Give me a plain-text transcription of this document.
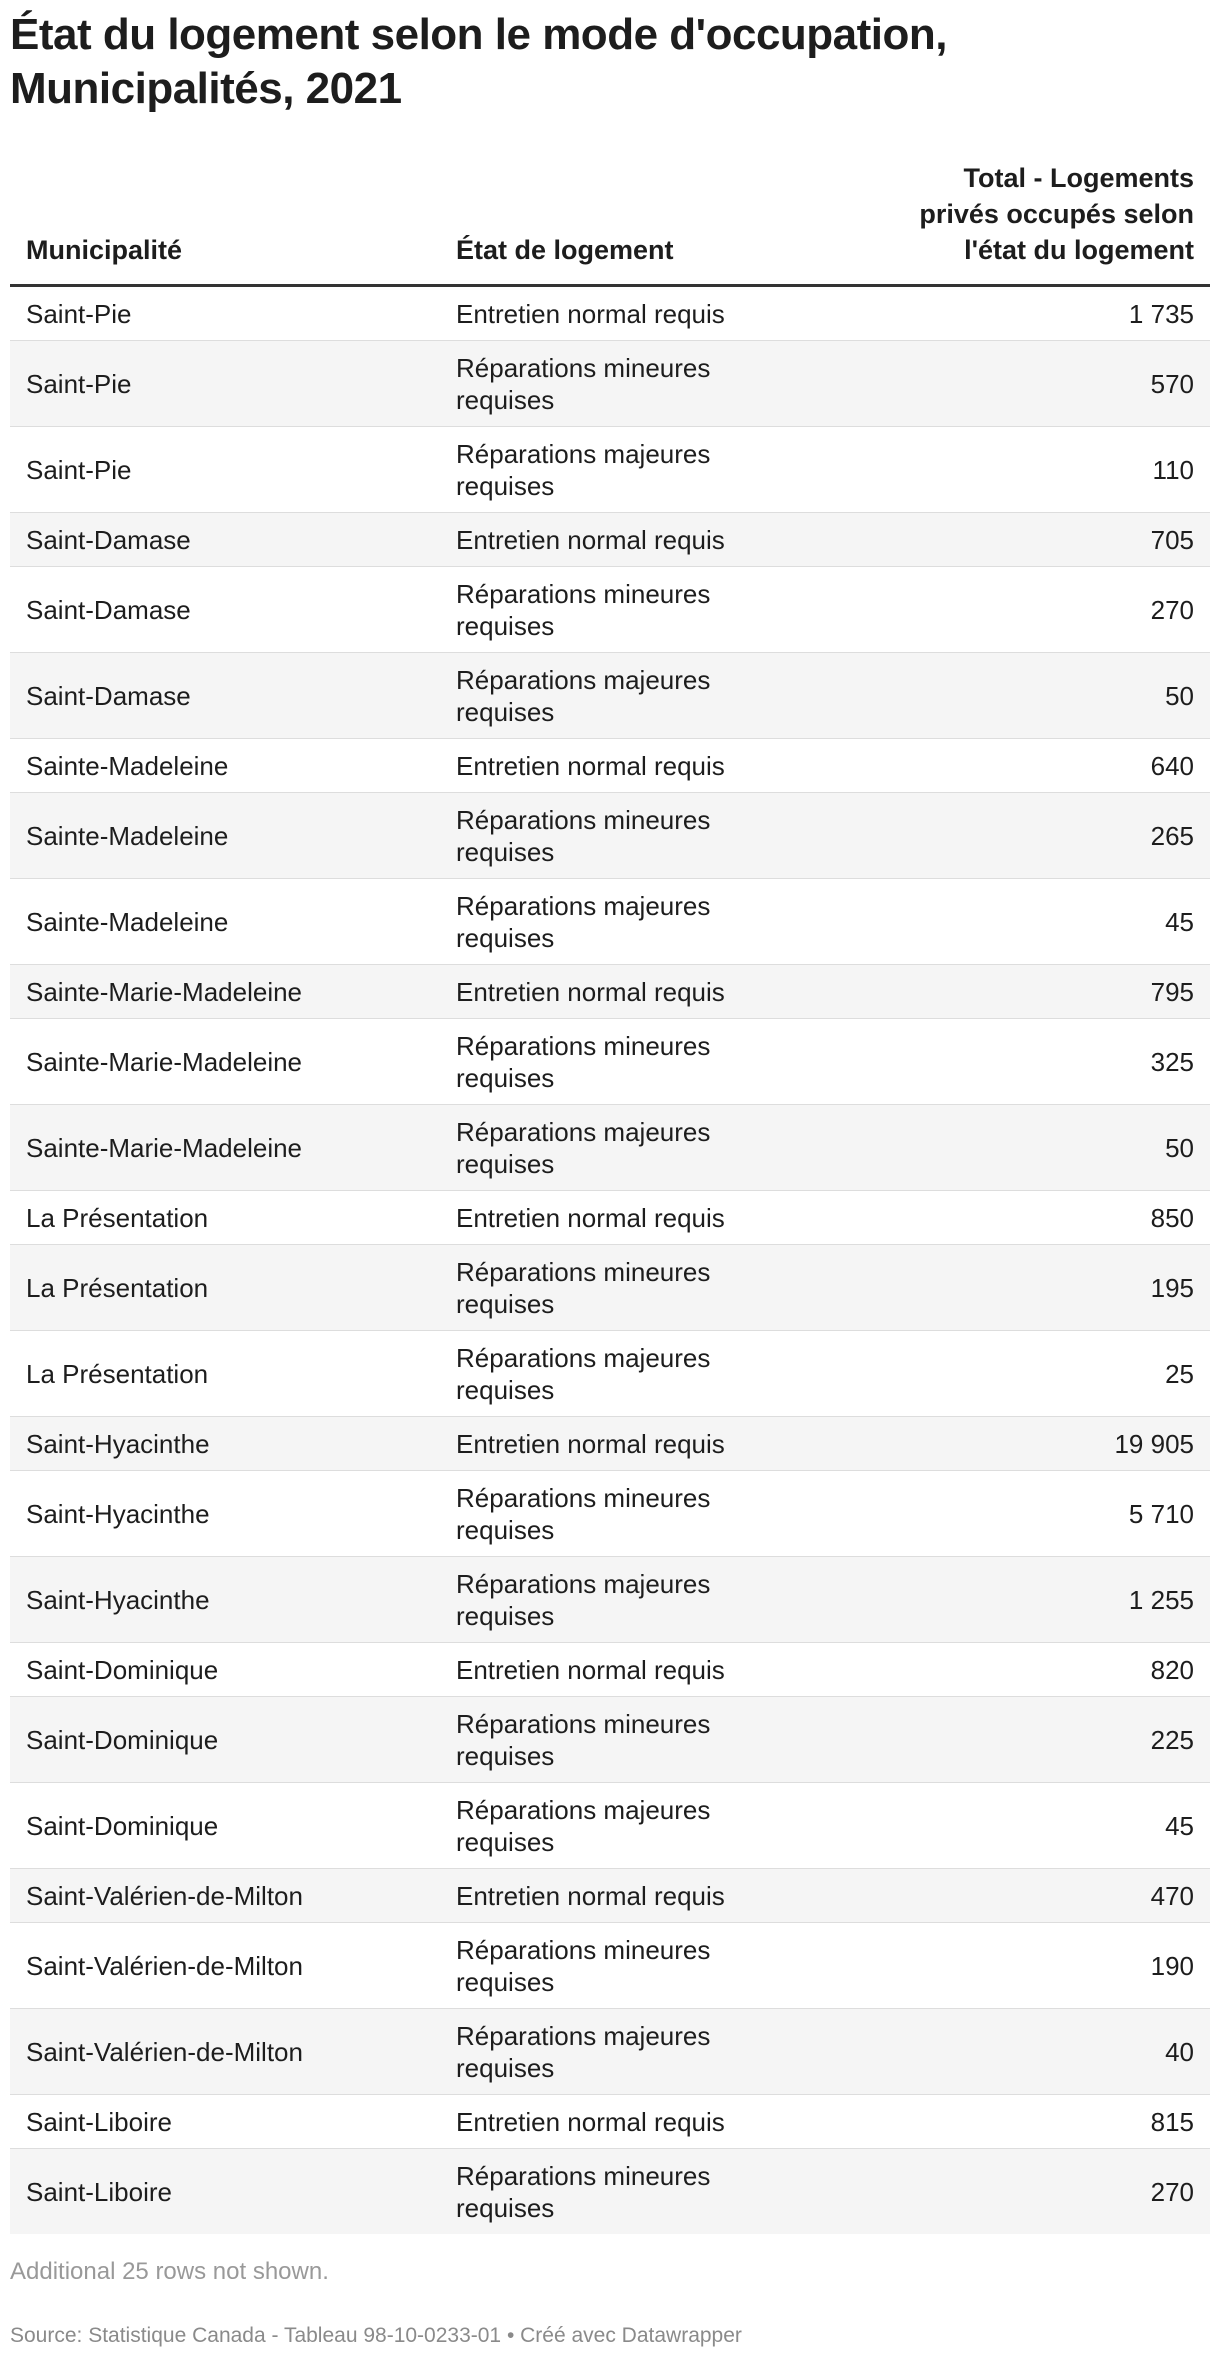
État du logement selon le mode d'occupation, Municipalités, 2021
Municipalité	État de logement	Total - Logements privés occupés selon l'état du logement

Saint-Pie	Entretien normal requis	1 735
Saint-Pie	Réparations mineures requises	570
Saint-Pie	Réparations majeures requises	110
Saint-Damase	Entretien normal requis	705
Saint-Damase	Réparations mineures requises	270
Saint-Damase	Réparations majeures requises	50
Sainte-Madeleine	Entretien normal requis	640
Sainte-Madeleine	Réparations mineures requises	265
Sainte-Madeleine	Réparations majeures requises	45
Sainte-Marie-Madeleine	Entretien normal requis	795
Sainte-Marie-Madeleine	Réparations mineures requises	325
Sainte-Marie-Madeleine	Réparations majeures requises	50
La Présentation	Entretien normal requis	850
La Présentation	Réparations mineures requises	195
La Présentation	Réparations majeures requises	25
Saint-Hyacinthe	Entretien normal requis	19 905
Saint-Hyacinthe	Réparations mineures requises	5 710
Saint-Hyacinthe	Réparations majeures requises	1 255
Saint-Dominique	Entretien normal requis	820
Saint-Dominique	Réparations mineures requises	225
Saint-Dominique	Réparations majeures requises	45
Saint-Valérien-de-Milton	Entretien normal requis	470
Saint-Valérien-de-Milton	Réparations mineures requises	190
Saint-Valérien-de-Milton	Réparations majeures requises	40
Saint-Liboire	Entretien normal requis	815
Saint-Liboire	Réparations mineures requises	270
Additional 25 rows not shown.
Source: Statistique Canada - Tableau 98-10-0233-01 • Créé avec Datawrapper
